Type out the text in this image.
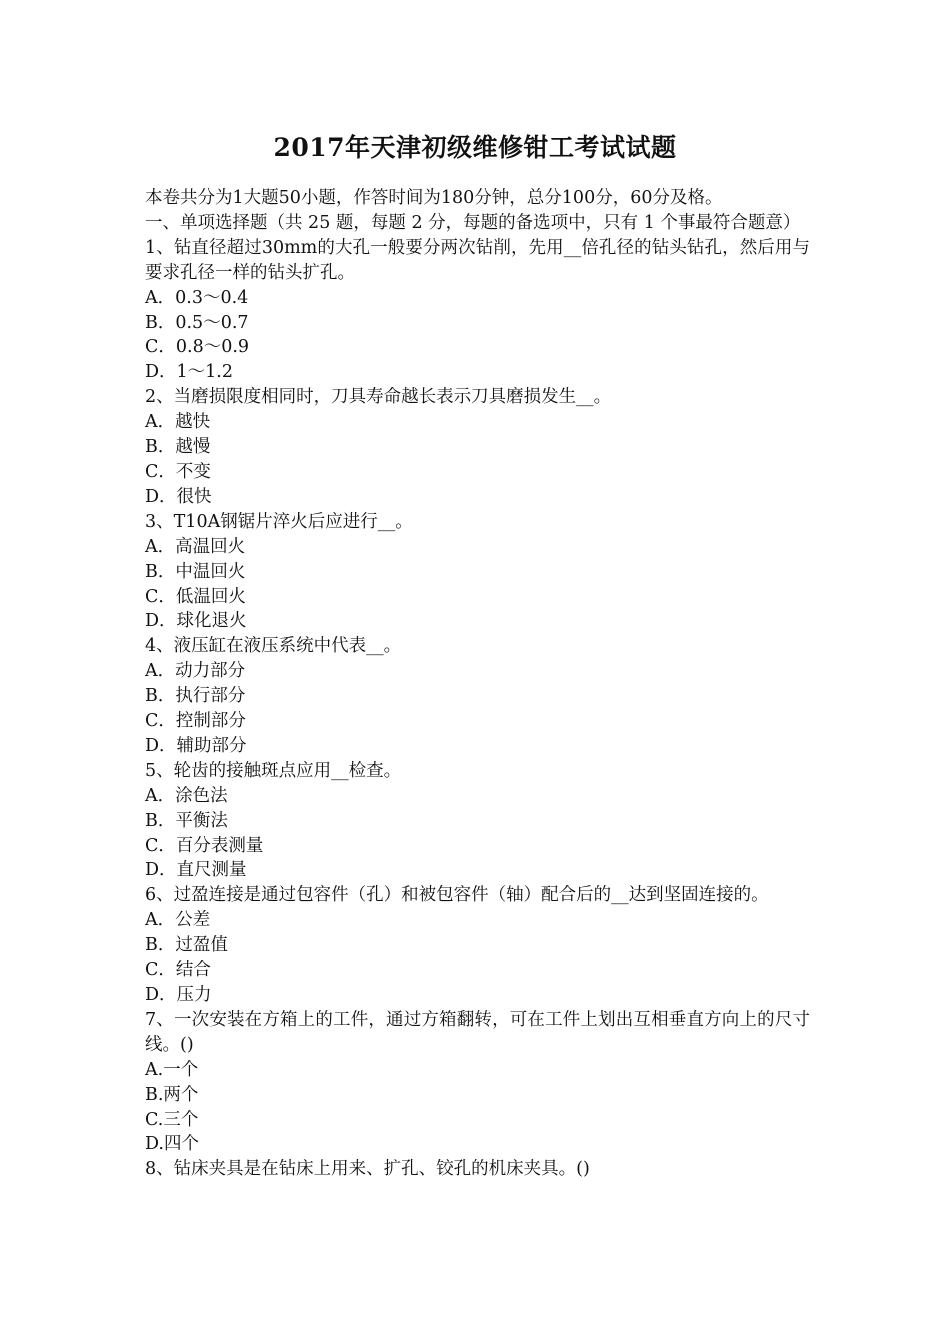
2017年天津初级维修钳工考试试题
本卷共分为1大题50小题，作答时间为180分钟，总分100分，60分及格。
一、单项选择题（共 25 题，每题 2 分，每题的备选项中，只有 1 个事最符合题意）
1、钻直径超过30mm的大孔一般要分两次钻削，先用__倍孔径的钻头钻孔，然后用与要求孔径一样的钻头扩孔。
A．0.3～0.4
B．0.5～0.7
C．0.8～0.9
D．1～1.2
2、当磨损限度相同时，刀具寿命越长表示刀具磨损发生__。
A．越快
B．越慢
C．不变
D．很快
3、T10A钢锯片淬火后应进行__。
A．高温回火
B．中温回火
C．低温回火
D．球化退火
4、液压缸在液压系统中代表__。
A．动力部分
B．执行部分
C．控制部分
D．辅助部分
5、轮齿的接触斑点应用__检查。
A．涂色法
B．平衡法
C．百分表测量
D．直尺测量
6、过盈连接是通过包容件（孔）和被包容件（轴）配合后的__达到坚固连接的。
A．公差
B．过盈值
C．结合
D．压力
7、一次安装在方箱上的工件，通过方箱翻转，可在工件上划出互相垂直方向上的尺寸线。()
A.一个
B.两个
C.三个
D.四个
8、钻床夹具是在钻床上用来、扩孔、铰孔的机床夹具。()
